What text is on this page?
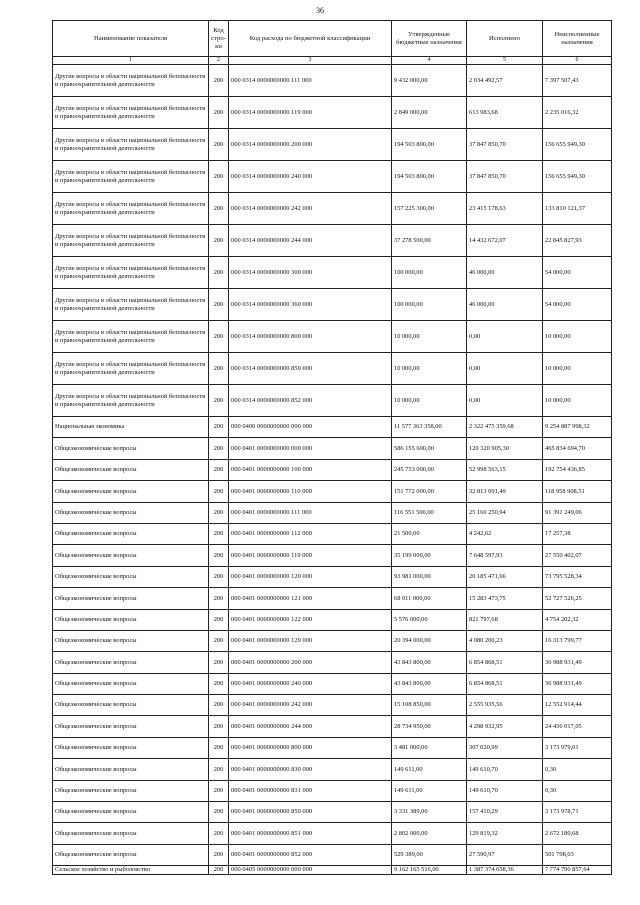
36
Наименование показателя	Код стро-ки	Код расхода по бюджетной классификации	Утвержденные бюджетные назначения	Исполнено	Неисполненные назначения
1	2	3	4	5	6
Другие вопросы в области национальной безопасности и правоохранительной деятельности	200	000 0314 0000000000 111 000	9 432 000,00	2 034 492,57	7 397 507,43
Другие вопросы в области национальной безопасности и правоохранительной деятельности	200	000 0314 0000000000 119 000	2 849 000,00	613 983,68	2 235 016,32
Другие вопросы в области национальной безопасности и правоохранительной деятельности	200	000 0314 0000000000 200 000	194 503 800,00	37 847 850,70	156 655 949,30
Другие вопросы в области национальной безопасности и правоохранительной деятельности	200	000 0314 0000000000 240 000	194 503 800,00	37 847 850,70	156 655 949,30
Другие вопросы в области национальной безопасности и правоохранительной деятельности	200	000 0314 0000000000 242 000	157 225 300,00	23 415 178,63	133 810 121,37
Другие вопросы в области национальной безопасности и правоохранительной деятельности	200	000 0314 0000000000 244 000	37 278 500,00	14 432 672,07	22 845 827,93
Другие вопросы в области национальной безопасности и правоохранительной деятельности	200	000 0314 0000000000 300 000	100 000,00	46 000,00	54 000,00
Другие вопросы в области национальной безопасности и правоохранительной деятельности	200	000 0314 0000000000 360 000	100 000,00	46 000,00	54 000,00
Другие вопросы в области национальной безопасности и правоохранительной деятельности	200	000 0314 0000000000 800 000	10 000,00	0,00	10 000,00
Другие вопросы в области национальной безопасности и правоохранительной деятельности	200	000 0314 0000000000 850 000	10 000,00	0,00	10 000,00
Другие вопросы в области национальной безопасности и правоохранительной деятельности	200	000 0314 0000000000 852 000	10 000,00	0,00	10 000,00
Национальная экономика	200	000 0400 0000000000 000 000	11 577 363 358,00	2 322 475 359,68	9 254 887 998,32
Общеэкономические вопросы	200	000 0401 0000000000 000 000	586 155 600,00	120 320 905,30	465 834 694,70
Общеэкономические вопросы	200	000 0401 0000000000 100 000	245 753 000,00	52 998 563,15	192 754 436,85
Общеэкономические вопросы	200	000 0401 0000000000 110 000	151 772 000,00	32 813 091,49	118 958 908,51
Общеэкономические вопросы	200	000 0401 0000000000 111 000	116 551 500,00	25 160 250,94	91 391 249,06
Общеэкономические вопросы	200	000 0401 0000000000 112 000	21 500,00	4 242,62	17 257,38
Общеэкономические вопросы	200	000 0401 0000000000 119 000	35 199 000,00	7 648 597,93	27 550 402,07
Общеэкономические вопросы	200	000 0401 0000000000 120 000	93 981 000,00	20 185 471,66	73 795 528,34
Общеэкономические вопросы	200	000 0401 0000000000 121 000	68 011 000,00	15 283 473,75	52 727 526,25
Общеэкономические вопросы	200	000 0401 0000000000 122 000	5 576 000,00	821 797,68	4 754 202,32
Общеэкономические вопросы	200	000 0401 0000000000 129 000	20 394 000,00	4 080 200,23	16 313 799,77
Общеэкономические вопросы	200	000 0401 0000000000 200 000	43 843 800,00	6 854 868,51	36 988 931,49
Общеэкономические вопросы	200	000 0401 0000000000 240 000	43 843 800,00	6 854 868,51	36 988 931,49
Общеэкономические вопросы	200	000 0401 0000000000 242 000	15 108 850,00	2 555 935,56	12 552 914,44
Общеэкономические вопросы	200	000 0401 0000000000 244 000	28 734 950,00	4 298 932,95	24 436 017,05
Общеэкономические вопросы	200	000 0401 0000000000 800 000	3 481 000,00	307 020,99	3 173 979,01
Общеэкономические вопросы	200	000 0401 0000000000 830 000	149 611,00	149 610,70	0,30
Общеэкономические вопросы	200	000 0401 0000000000 831 000	149 611,00	149 610,70	0,30
Общеэкономические вопросы	200	000 0401 0000000000 850 000	3 331 389,00	157 410,29	3 173 978,71
Общеэкономические вопросы	200	000 0401 0000000000 851 000	2 802 000,00	129 819,32	2 672 180,68
Общеэкономические вопросы	200	000 0401 0000000000 852 000	529 389,00	27 590,97	501 798,03
Сельское хозяйство и рыболовство	200	000 0405 0000000000 000 000	9 162 165 516,00	1 387 374 658,36	7 774 790 857,64
